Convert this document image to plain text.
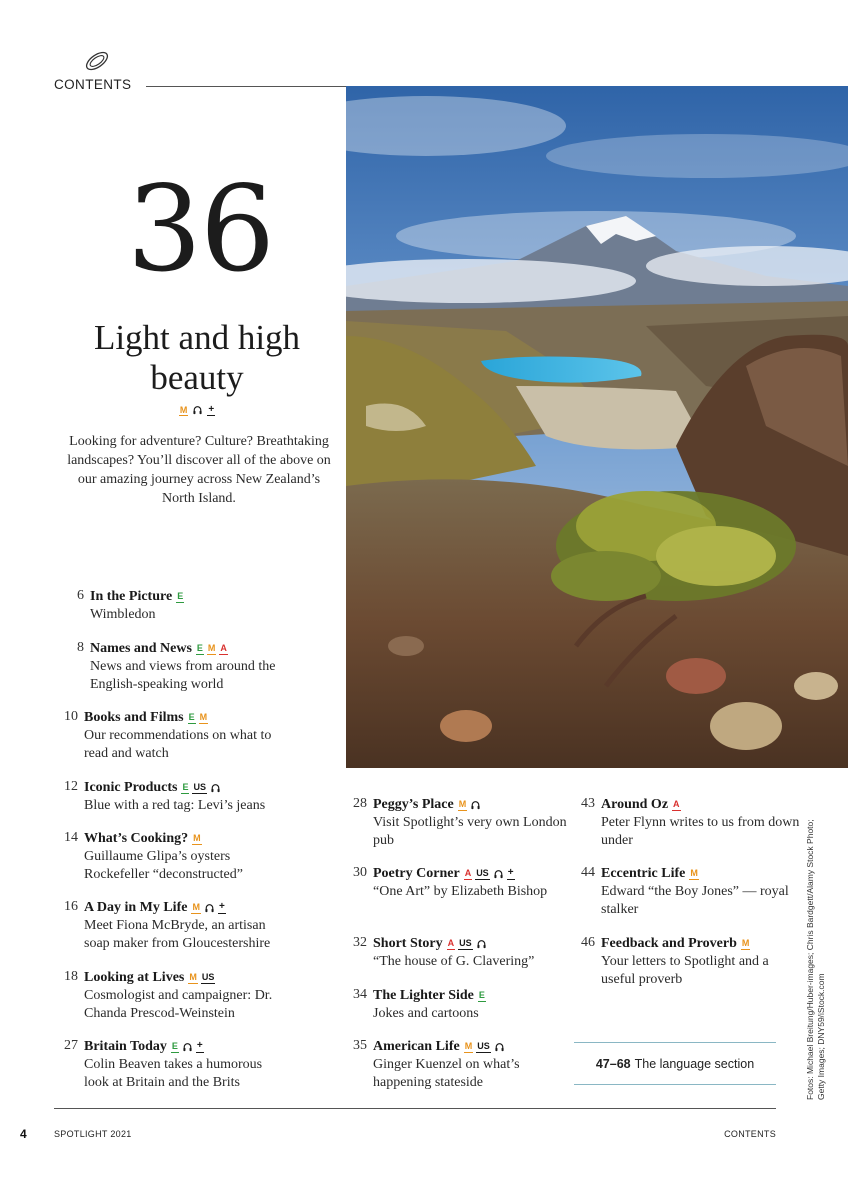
CONTENTS
36
Light and high
beauty
M +
Looking for adventure? Culture? Breathtaking landscapes? You’ll discover all of the above on our amazing journey across New Zealand’s North Island.
6 In the Picture E
Wimbledon
8 Names and News E M A
News and views from around the English-speaking world
10 Books and Films E M
Our recommendations on what to read and watch
12 Iconic Products E US
Blue with a red tag: Levi’s jeans
14 What’s Cooking? M
Guillaume Glipa’s oysters Rockefeller “deconstructed”
16 A Day in My Life M +
Meet Fiona McBryde, an artisan soap maker from Gloucestershire
18 Looking at Lives M US
Cosmologist and campaigner: Dr. Chanda Prescod-Weinstein
27 Britain Today E +
Colin Beaven takes a humorous look at Britain and the Brits
28 Peggy’s Place M
Visit Spotlight’s very own London pub
30 Poetry Corner A US +
“One Art” by Elizabeth Bishop
32 Short Story A US
“The house of G. Clavering”
34 The Lighter Side E
Jokes and cartoons
35 American Life M US
Ginger Kuenzel on what’s happening stateside
43 Around Oz A
Peter Flynn writes to us from down under
44 Eccentric Life M
Edward “the Boy Jones” — royal stalker
46 Feedback and Proverb M
Your letters to Spotlight and a useful proverb
47–68 The language section	Fotos: Michael Breitung/Huber-images; Chris Bardgett/Alamy Stock Photo; Getty Images; DNY59/iStock.com
4	SPOTLIGHT 2021	CONTENTS
